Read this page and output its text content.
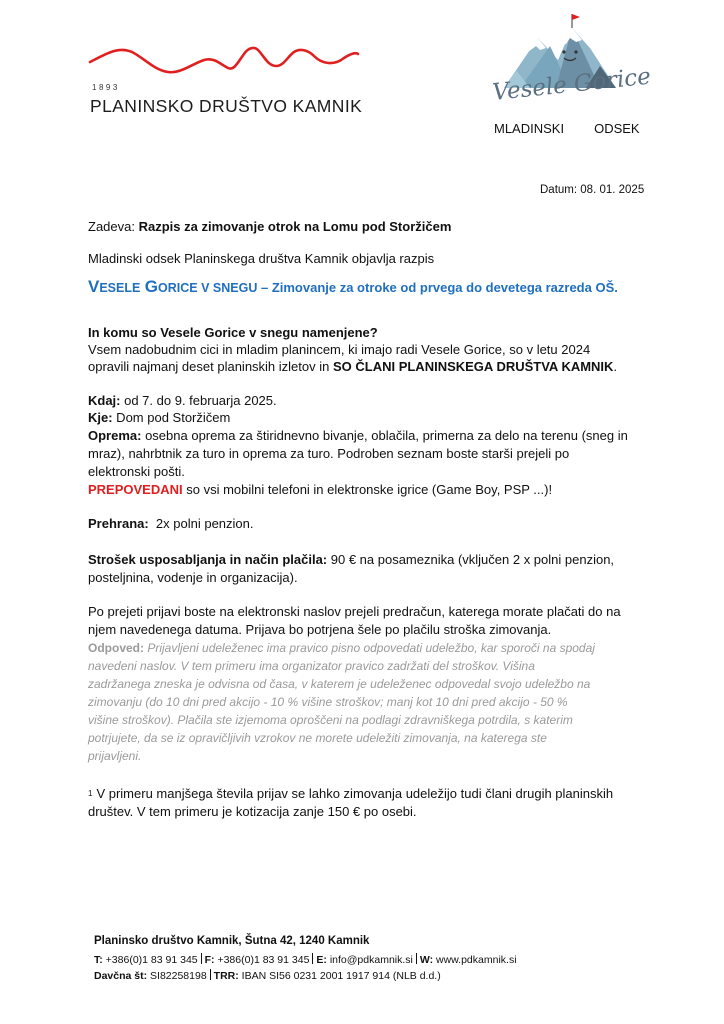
1893
PLANINSKO DRUŠTVO KAMNIK	Vesele Gorice
MLADINSKI ODSEK
Datum: 08. 01. 2025
Zadeva: Razpis za zimovanje otrok na Lomu pod Storžičem
Mladinski odsek Planinskega društva Kamnik objavlja razpis
VESELE GORICE V SNEGU – Zimovanje za otroke od prvega do devetega razreda OŠ.
In komu so Vesele Gorice v snegu namenjene?
Vsem nadobudnim cici in mladim planincem, ki imajo radi Vesele Gorice, so v letu 2024
opravili najmanj deset planinskih izletov in SO ČLANI PLANINSKEGA DRUŠTVA KAMNIK.
Kdaj: od 7. do 9. februarja 2025.
Kje: Dom pod Storžičem
Oprema: osebna oprema za štiridnevno bivanje, oblačila, primerna za delo na terenu (sneg in
mraz), nahrbtnik za turo in oprema za turo. Podroben seznam boste starši prejeli po
elektronski pošti.
PREPOVEDANI so vsi mobilni telefoni in elektronske igrice (Game Boy, PSP ...)!
Prehrana:  2x polni penzion.
Strošek usposabljanja in način plačila: 90 € na posameznika (vključen 2 x polni penzion,
posteljnina, vodenje in organizacija).
Po prejeti prijavi boste na elektronski naslov prejeli predračun, katerega morate plačati do na
njem navedenega datuma. Prijava bo potrjena šele po plačilu stroška zimovanja.
Odpoved: Prijavljeni udeleženec ima pravico pisno odpovedati udeležbo, kar sporoči na spodaj
navedeni naslov. V tem primeru ima organizator pravico zadržati del stroškov. Višina
zadržanega zneska je odvisna od časa, v katerem je udeleženec odpovedal svojo udeležbo na
zimovanju (do 10 dni pred akcijo - 10 % višine stroškov; manj kot 10 dni pred akcijo - 50 %
višine stroškov). Plačila ste izjemoma oproščeni na podlagi zdravniškega potrdila, s katerim
potrjujete, da se iz opravičljivih vzrokov ne morete udeležiti zimovanja, na katerega ste
prijavljeni.
$^1$ V primeru manjšega števila prijav se lahko zimovanja udeležijo tudi člani drugih planinskih
društev. V tem primeru je kotizacija zanje 150 € po osebi.
Planinsko društvo Kamnik, Šutna 42, 1240 Kamnik
T: +386(0)1 83 91 345 F: +386(0)1 83 91 345 E: info@pdkamnik.si W: www.pdkamnik.si
Davčna št: SI82258198 TRR: IBAN SI56 0231 2001 1917 914 (NLB d.d.)
